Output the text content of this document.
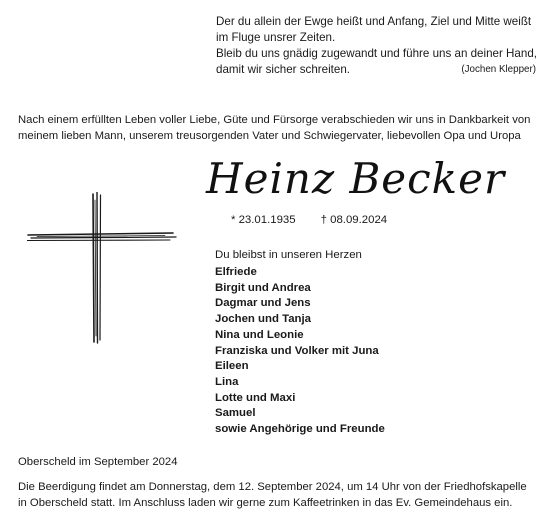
Der du allein der Ewge heißt und Anfang, Ziel und Mitte weißt
im Fluge unsrer Zeiten.
Bleib du uns gnädig zugewandt und führe uns an deiner Hand,
damit wir sicher schreiten.	(Jochen Klepper)
Nach einem erfüllten Leben voller Liebe, Güte und Fürsorge verabschieden wir uns in Dankbarkeit von
meinem lieben Mann, unserem treusorgenden Vater und Schwiegervater, liebevollen Opa und Uropa
Heinz Becker
* 23.01.1935 † 08.09.2024
Du bleibst in unseren Herzen
Elfriede
Birgit und Andrea
Dagmar und Jens
Jochen und Tanja
Nina und Leonie
Franziska und Volker mit Juna
Eileen
Lina
Lotte und Maxi
Samuel
sowie Angehörige und Freunde
Oberscheld im September 2024
Die Beerdigung findet am Donnerstag, dem 12. September 2024, um 14 Uhr von der Friedhofskapelle
in Oberscheld statt. Im Anschluss laden wir gerne zum Kaffeetrinken in das Ev. Gemeindehaus ein.
